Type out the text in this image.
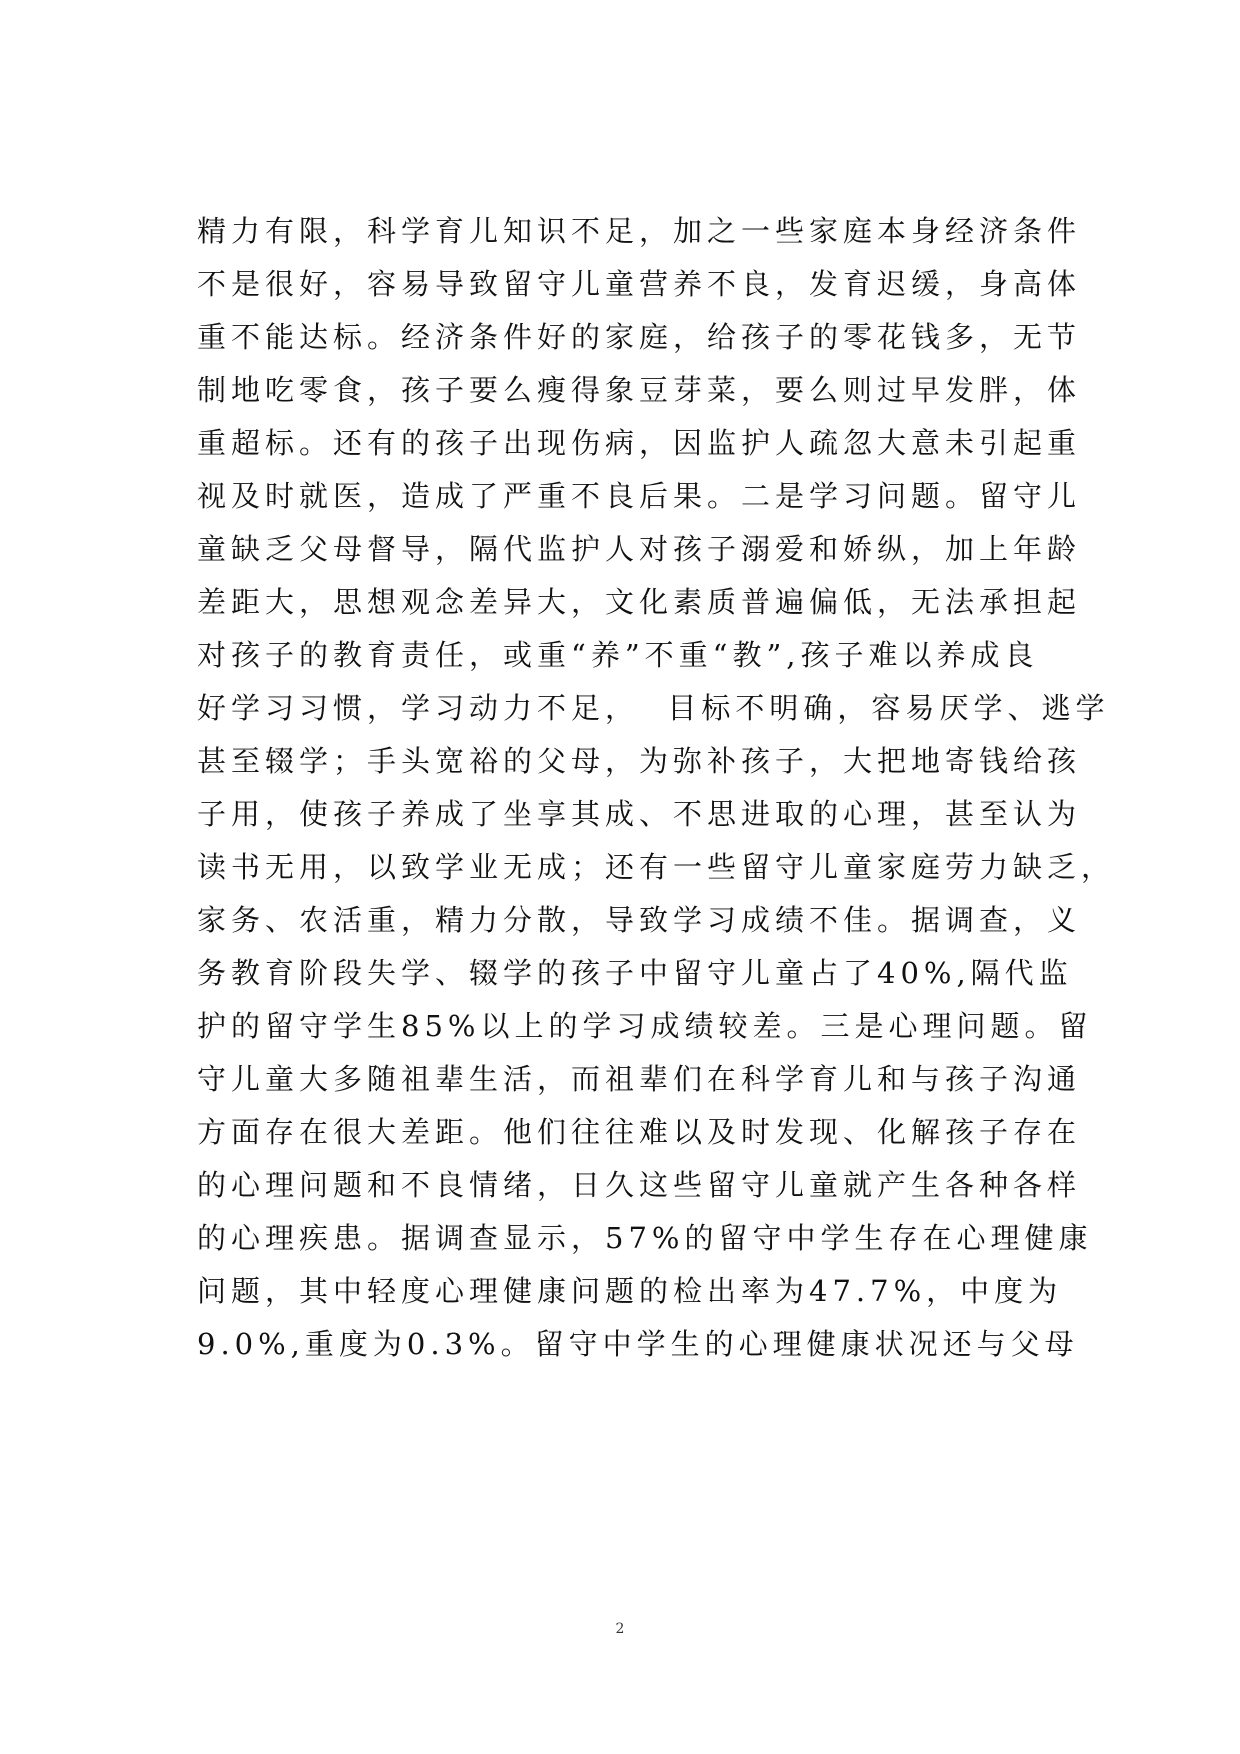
精力有限，科学育儿知识不足，加之一些家庭本身经济条件
不是很好，容易导致留守儿童营养不良，发育迟缓，身高体
重不能达标。经济条件好的家庭，给孩子的零花钱多，无节
制地吃零食，孩子要么瘦得象豆芽菜，要么则过早发胖，体
重超标。还有的孩子出现伤病，因监护人疏忽大意未引起重
视及时就医，造成了严重不良后果。二是学习问题。留守儿
童缺乏父母督导，隔代监护人对孩子溺爱和娇纵，加上年龄
差距大，思想观念差异大，文化素质普遍偏低，无法承担起
对孩子的教育责任，或重“养”不重“教”,孩子难以养成良
好学习习惯，学习动力不足，  目标不明确，容易厌学、逃学
甚至辍学；手头宽裕的父母，为弥补孩子，大把地寄钱给孩
子用，使孩子养成了坐享其成、不思进取的心理，甚至认为
读书无用，以致学业无成；还有一些留守儿童家庭劳力缺乏，
家务、农活重，精力分散，导致学习成绩不佳。据调查，义
务教育阶段失学、辍学的孩子中留守儿童占了40%,隔代监
护的留守学生85%以上的学习成绩较差。三是心理问题。留
守儿童大多随祖辈生活，而祖辈们在科学育儿和与孩子沟通
方面存在很大差距。他们往往难以及时发现、化解孩子存在
的心理问题和不良情绪，日久这些留守儿童就产生各种各样
的心理疾患。据调查显示，57%的留守中学生存在心理健康
问题，其中轻度心理健康问题的检出率为47.7%，中度为
9.0%,重度为0.3%。留守中学生的心理健康状况还与父母
2
